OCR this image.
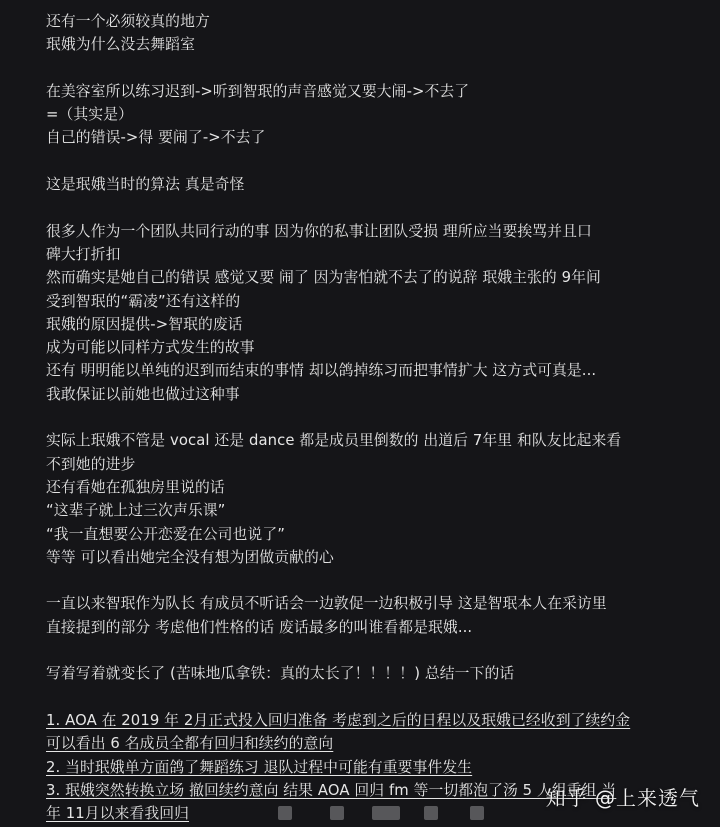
还有一个必须较真的地方
珉娥为什么没去舞蹈室
在美容室所以练习迟到->听到智珉的声音感觉又要大闹->不去了
=（其实是）
自己的错误->得 要闹了->不去了
这是珉娥当时的算法 真是奇怪
很多人作为一个团队共同行动的事 因为你的私事让团队受损 理所应当要挨骂并且口
碑大打折扣
然而确实是她自己的错误 感觉又要 闹了 因为害怕就不去了的说辞 珉娥主张的 9年间
受到智珉的“霸凌”还有这样的
珉娥的原因提供->智珉的废话
成为可能以同样方式发生的故事
还有 明明能以单纯的迟到而结束的事情 却以鸽掉练习而把事情扩大 这方式可真是...
我敢保证以前她也做过这种事
实际上珉娥不管是 vocal 还是 dance 都是成员里倒数的 出道后 7年里 和队友比起来看
不到她的进步
还有看她在孤独房里说的话
“这辈子就上过三次声乐课”
“我一直想要公开恋爱在公司也说了”
等等 可以看出她完全没有想为团做贡献的心
一直以来智珉作为队长 有成员不听话会一边敦促一边积极引导 这是智珉本人在采访里
直接提到的部分 考虑他们性格的话 废话最多的叫谁看都是珉娥...
写着写着就变长了 (苦味地瓜拿铁：真的太长了！！！！) 总结一下的话
1. AOA 在 2019 年 2月正式投入回归准备 考虑到之后的日程以及珉娥已经收到了续约金
可以看出 6 名成员全都有回归和续约的意向
2. 当时珉娥单方面鸽了舞蹈练习 退队过程中可能有重要事件发生
3. 珉娥突然转换立场 撤回续约意向 结果 AOA 回归 fm 等一切都泡了汤 5 人组重组 当
年 11月以来看我回归
知乎 @上来透气
